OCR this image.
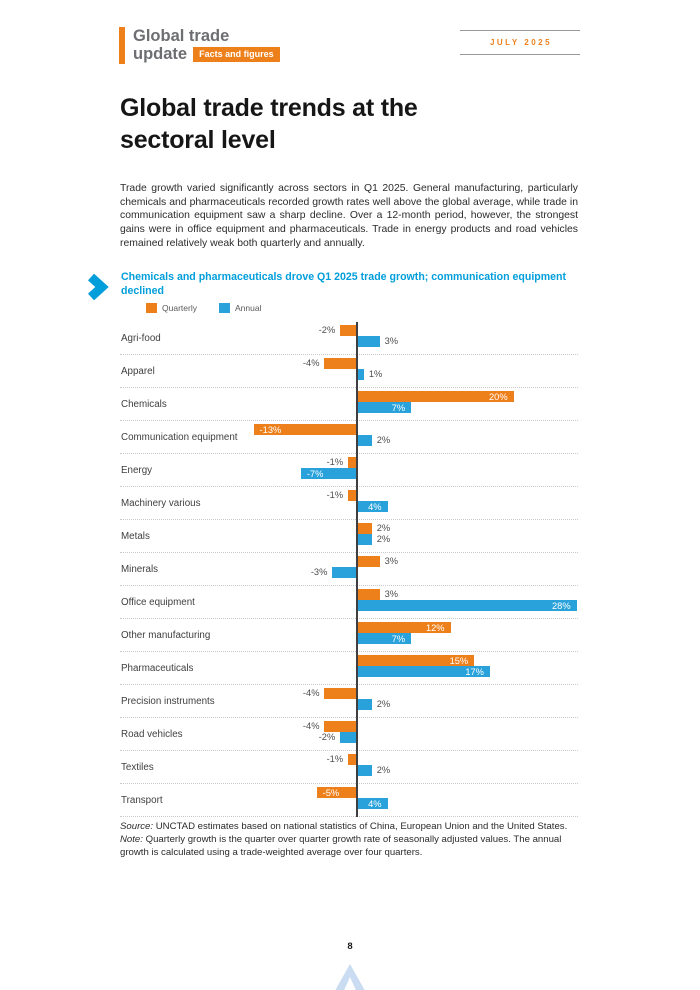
Global trade
update	Facts and figures
JULY 2025
Global trade trends at the sectoral level

Trade growth varied significantly across sectors in Q1 2025. General manufacturing, particularly chemicals and pharmaceuticals recorded growth rates well above the global average, while trade in communication equipment saw a sharp decline. Over a 12-month period, however, the strongest gains were in office equipment and pharmaceuticals. Trade in energy products and road vehicles remained relatively weak both quarterly and annually.

Chemicals and pharmaceuticals drove Q1 2025 trade growth; communication equipment declined
Quarterly	Annual
Agri-food
-2%
3%
Apparel
-4%
1%
Chemicals
20%
7%
Communication equipment
-13%
2%
Energy
-1%
-7%
Machinery various
-1%
4%
Metals
2%
2%
Minerals
3%
-3%
Office equipment
3%
28%
Other manufacturing
12%
7%
Pharmaceuticals
15%
17%
Precision instruments
-4%
2%
Road vehicles
-4%
-2%
Textiles
-1%
2%
Transport
-5%
4%

Source: UNCTAD estimates based on national statistics of China, European Union and the United States.
Note: Quarterly growth is the quarter over quarter growth rate of seasonally adjusted values. The annual growth is calculated using a trade-weighted average over four quarters.

8
